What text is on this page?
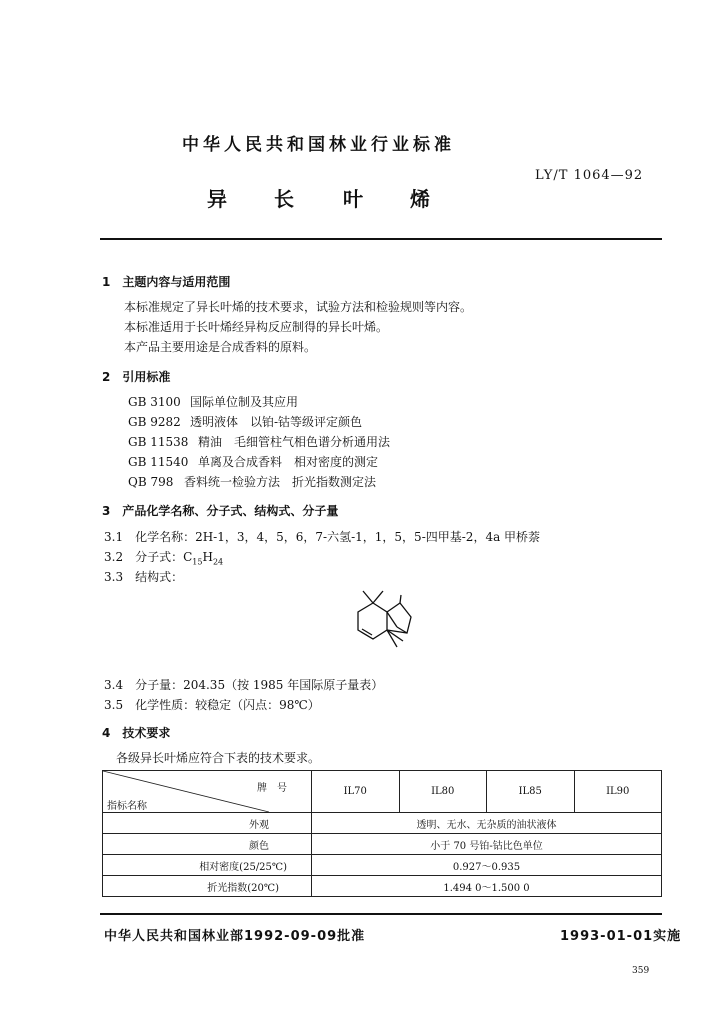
中华人民共和国林业行业标准
LY/T 1064—92
异 长 叶 烯
1　主题内容与适用范围
本标准规定了异长叶烯的技术要求，试验方法和检验规则等内容。
本标准适用于长叶烯经异构反应制得的异长叶烯。
本产品主要用途是合成香料的原料。
2　引用标准
GB 3100 国际单位制及其应用
GB 9282 透明液体　以铂-钴等级评定颜色
GB 11538 精油　毛细管柱气相色谱分析通用法
GB 11540 单离及合成香料　相对密度的测定
QB 798 香料统一检验方法　折光指数测定法
3　产品化学名称、分子式、结构式、分子量
3.1　化学名称：2H-1，3，4，5，6，7-六氢-1，1，5，5-四甲基-2，4a 甲桥萘
3.2　分子式：$C_{15}H_{24}$
3.3　结构式：
3.4　分子量：204.35（按 1985 年国际原子量表）
3.5　化学性质：较稳定（闪点：98℃）
4　技术要求
各级异长叶烯应符合下表的技术要求。
牌　号
指标名称	IL70	IL80	IL85	IL90
外观	透明、无水、无杂质的油状液体			
颜色	小于 70 号铂-钴比色单位			
相对密度(25/25℃)	0.927～0.935			
折光指数(20℃)	1.494 0～1.500 0			
中华人民共和国林业部1992-09-09批准	1993-01-01实施
359
